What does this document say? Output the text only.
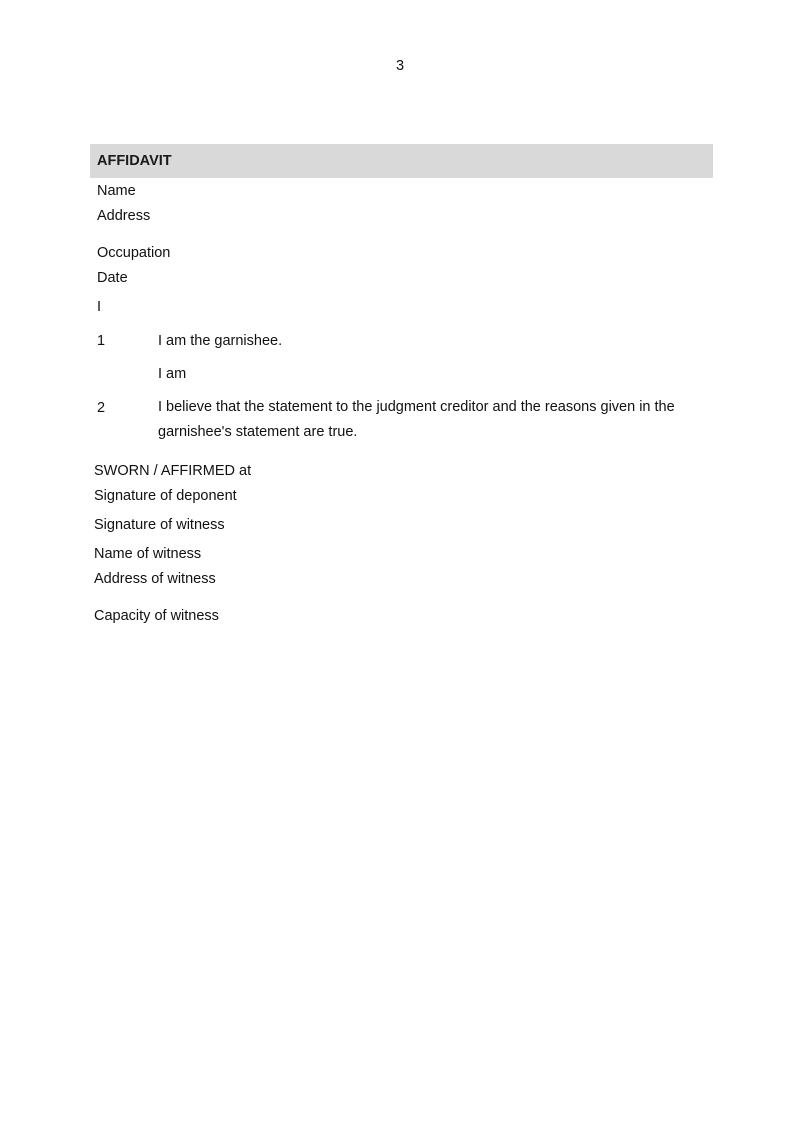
3
AFFIDAVIT
Name
Address
Occupation
Date
I
1	I am the garnishee.
I am
2	I believe that the statement to the judgment creditor and the reasons given in the garnishee's statement are true.
SWORN / AFFIRMED at
Signature of deponent
Signature of witness
Name of witness
Address of witness
Capacity of witness
